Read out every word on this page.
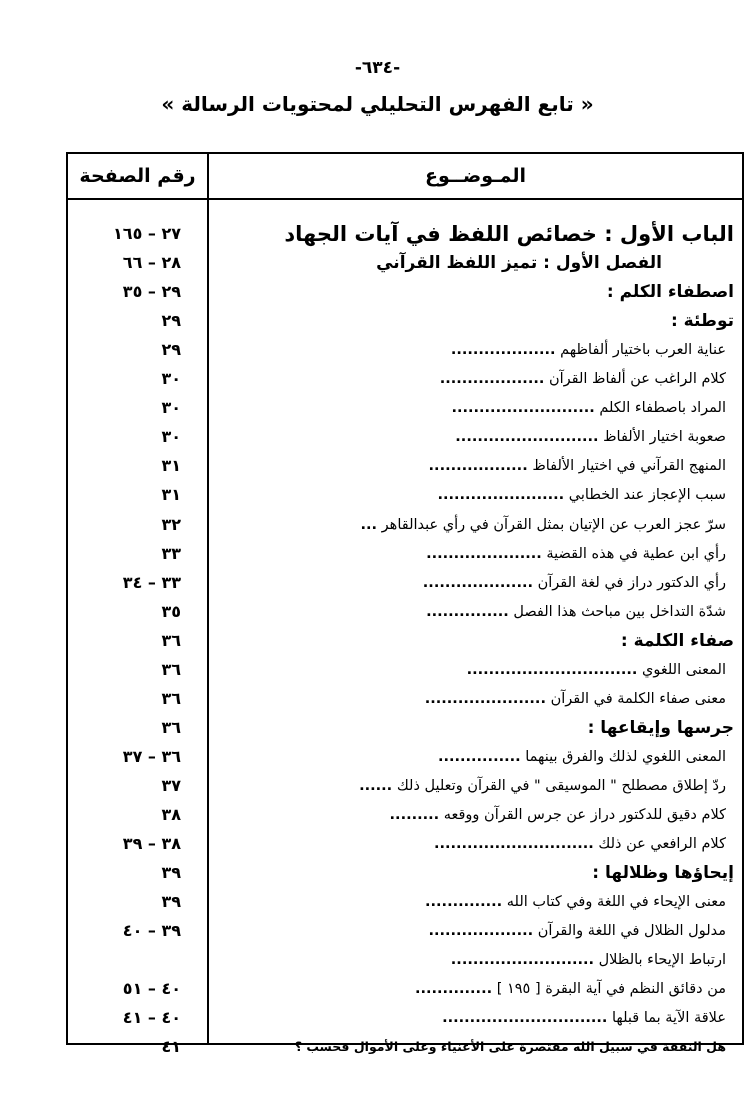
-٦٣٤-
« تابع الفهرس التحليلي لمحتويات الرسالة »
رقم الصفحة	المـوضــوع
٢٧ – ١٦٥	الباب الأول : خصائص اللفظ في آيات الجهاد
٢٨ – ٦٦	الفصل الأول : تميز اللفظ القرآني
٢٩ – ٣٥	اصطفاء الكلم :
٢٩	توطئة :
٢٩	عناية العرب باختيار ألفاظهم ...................
٣٠	كلام الراغب عن ألفاظ القرآن ...................
٣٠	المراد باصطفاء الكلم ..........................
٣٠	صعوبة اختيار الألفاظ ..........................
٣١	المنهج القرآني في اختيار الألفاظ ..................
٣١	سبب الإعجاز عند الخطابي .......................
٣٢	سرّ عجز العرب عن الإتيان بمثل القرآن في رأي عبدالقاهر ...
٣٣	رأي ابن عطية في هذه القضية .....................
٣٣ – ٣٤	رأي الدكتور دراز في لغة القرآن ....................
٣٥	شدّة التداخل بين مباحث هذا الفصل ...............
٣٦	صفاء الكلمة :
٣٦	المعنى اللغوي ...............................
٣٦	معنى صفاء الكلمة في القرآن ......................
٣٦	جرسها وإيقاعها :
٣٦ – ٣٧	المعنى اللغوي لذلك والفرق بينهما ...............
٣٧	ردّ إطلاق مصطلح " الموسيقى " في القرآن وتعليل ذلك ......
٣٨	كلام دقيق للدكتور دراز عن جرس القرآن ووقعه .........
٣٨ – ٣٩	كلام الرافعي عن ذلك .............................
٣٩	إيحاؤها وظلالها :
٣٩	معنى الإيحاء في اللغة وفي كتاب الله ..............
٣٩ – ٤٠	مدلول الظلال في اللغة والقرآن ...................
ارتباط الإيحاء بالظلال ..........................
٤٠ – ٥١	من دقائق النظم في آية البقرة [ ١٩٥ ] ..............
٤٠ – ٤١	علاقة الآية بما قبلها ..............................
٤١	هل النفقة في سبيل الله مقتصرة على الأغنياء وعلى الأموال فحسب ؟
